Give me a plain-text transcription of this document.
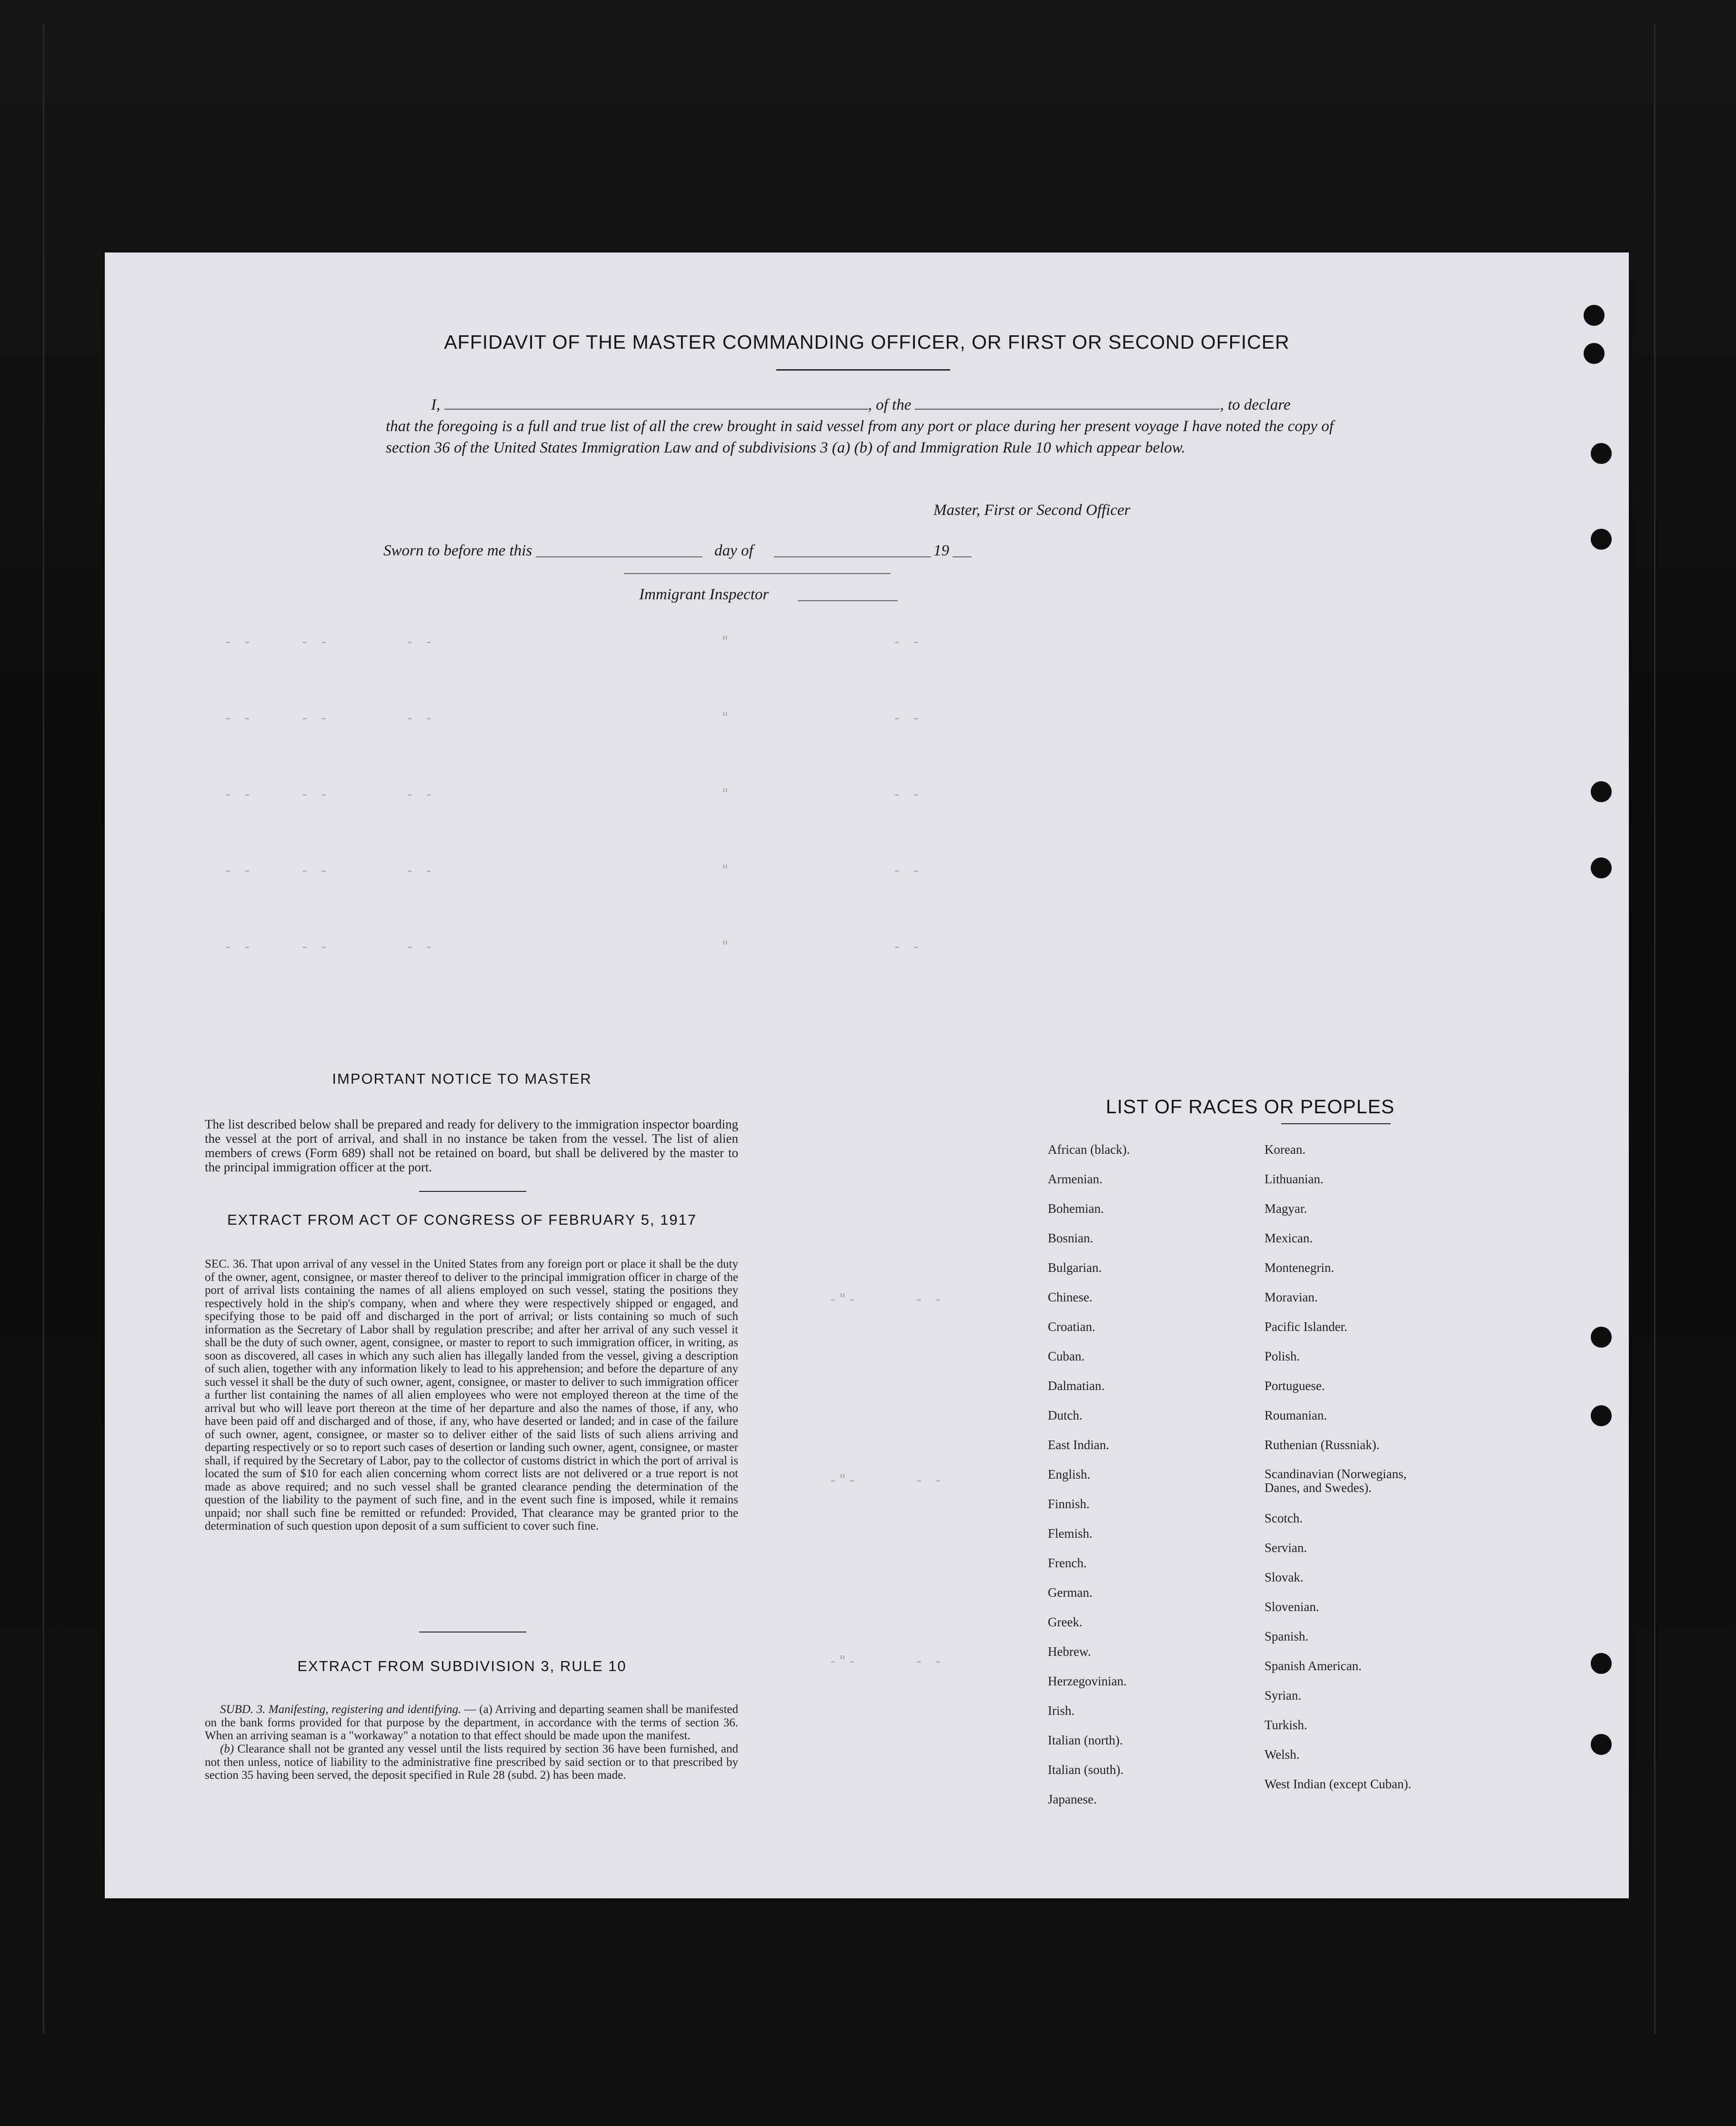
- -     - -        - -                              "                 - -
- -     - -        - -                              "                 - -
- -     - -        - -                              "                 - -
- -     - -        - -                              "                 - -
- -     - -        - -                              "                 - -
-"-      - -
-"-      - -
-"-      - -
AFFIDAVIT OF THE MASTER COMMANDING OFFICER, OR FIRST OR SECOND OFFICER
I,	, of the	, to declare
that the foregoing is a full and true list of all the crew brought in said vessel from any port or place during her present voyage I have noted the copy of section 36 of the United States Immigration Law and of subdivisions 3 (a) (b) of and Immigration Rule 10 which appear below.
Master, First or Second Officer
Sworn to before me this	day of	19
Immigrant Inspector
IMPORTANT NOTICE TO MASTER
The list described below shall be prepared and ready for delivery to the immigration inspector boarding the vessel at the port of arrival, and shall in no instance be taken from the vessel. The list of alien members of crews (Form 689) shall not be retained on board, but shall be delivered by the master to the principal immigration officer at the port.
EXTRACT FROM ACT OF CONGRESS OF FEBRUARY 5, 1917
SEC. 36. That upon arrival of any vessel in the United States from any foreign port or place it shall be the duty of the owner, agent, consignee, or master thereof to deliver to the principal immigration officer in charge of the port of arrival lists containing the names of all aliens employed on such vessel, stating the positions they respectively hold in the ship's company, when and where they were respectively shipped or engaged, and specifying those to be paid off and discharged in the port of arrival; or lists containing so much of such information as the Secretary of Labor shall by regulation prescribe; and after her arrival of any such vessel it shall be the duty of such owner, agent, consignee, or master to report to such immigration officer, in writing, as soon as discovered, all cases in which any such alien has illegally landed from the vessel, giving a description of such alien, together with any information likely to lead to his apprehension; and before the departure of any such vessel it shall be the duty of such owner, agent, consignee, or master to deliver to such immigration officer a further list containing the names of all alien employees who were not employed thereon at the time of the arrival but who will leave port thereon at the time of her departure and also the names of those, if any, who have been paid off and discharged and of those, if any, who have deserted or landed; and in case of the failure of such owner, agent, consignee, or master so to deliver either of the said lists of such aliens arriving and departing respectively or so to report such cases of desertion or landing such owner, agent, consignee, or master shall, if required by the Secretary of Labor, pay to the collector of customs district in which the port of arrival is located the sum of $10 for each alien concerning whom correct lists are not delivered or a true report is not made as above required; and no such vessel shall be granted clearance pending the determination of the question of the liability to the payment of such fine, and in the event such fine is imposed, while it remains unpaid; nor shall such fine be remitted or refunded: Provided, That clearance may be granted prior to the determination of such question upon deposit of a sum sufficient to cover such fine.
EXTRACT FROM SUBDIVISION 3, RULE 10
SUBD. 3. Manifesting, registering and identifying. — (a) Arriving and departing seamen shall be manifested on the bank forms provided for that purpose by the department, in accordance with the terms of section 36. When an arriving seaman is a "workaway" a notation to that effect should be made upon the manifest.
(b) Clearance shall not be granted any vessel until the lists required by section 36 have been furnished, and not then unless, notice of liability to the administrative fine prescribed by said section or to that prescribed by section 35 having been served, the deposit specified in Rule 28 (subd. 2) has been made.
LIST OF RACES OR PEOPLES
African (black).
Armenian.
Bohemian.
Bosnian.
Bulgarian.
Chinese.
Croatian.
Cuban.
Dalmatian.
Dutch.
East Indian.
English.
Finnish.
Flemish.
French.
German.
Greek.
Hebrew.
Herzegovinian.
Irish.
Italian (north).
Italian (south).
Japanese.
Korean.
Lithuanian.
Magyar.
Mexican.
Montenegrin.
Moravian.
Pacific Islander.
Polish.
Portuguese.
Roumanian.
Ruthenian (Russniak).
Scandinavian (Norwegians, Danes, and Swedes).
Scotch.
Servian.
Slovak.
Slovenian.
Spanish.
Spanish American.
Syrian.
Turkish.
Welsh.
West Indian (except Cuban).
